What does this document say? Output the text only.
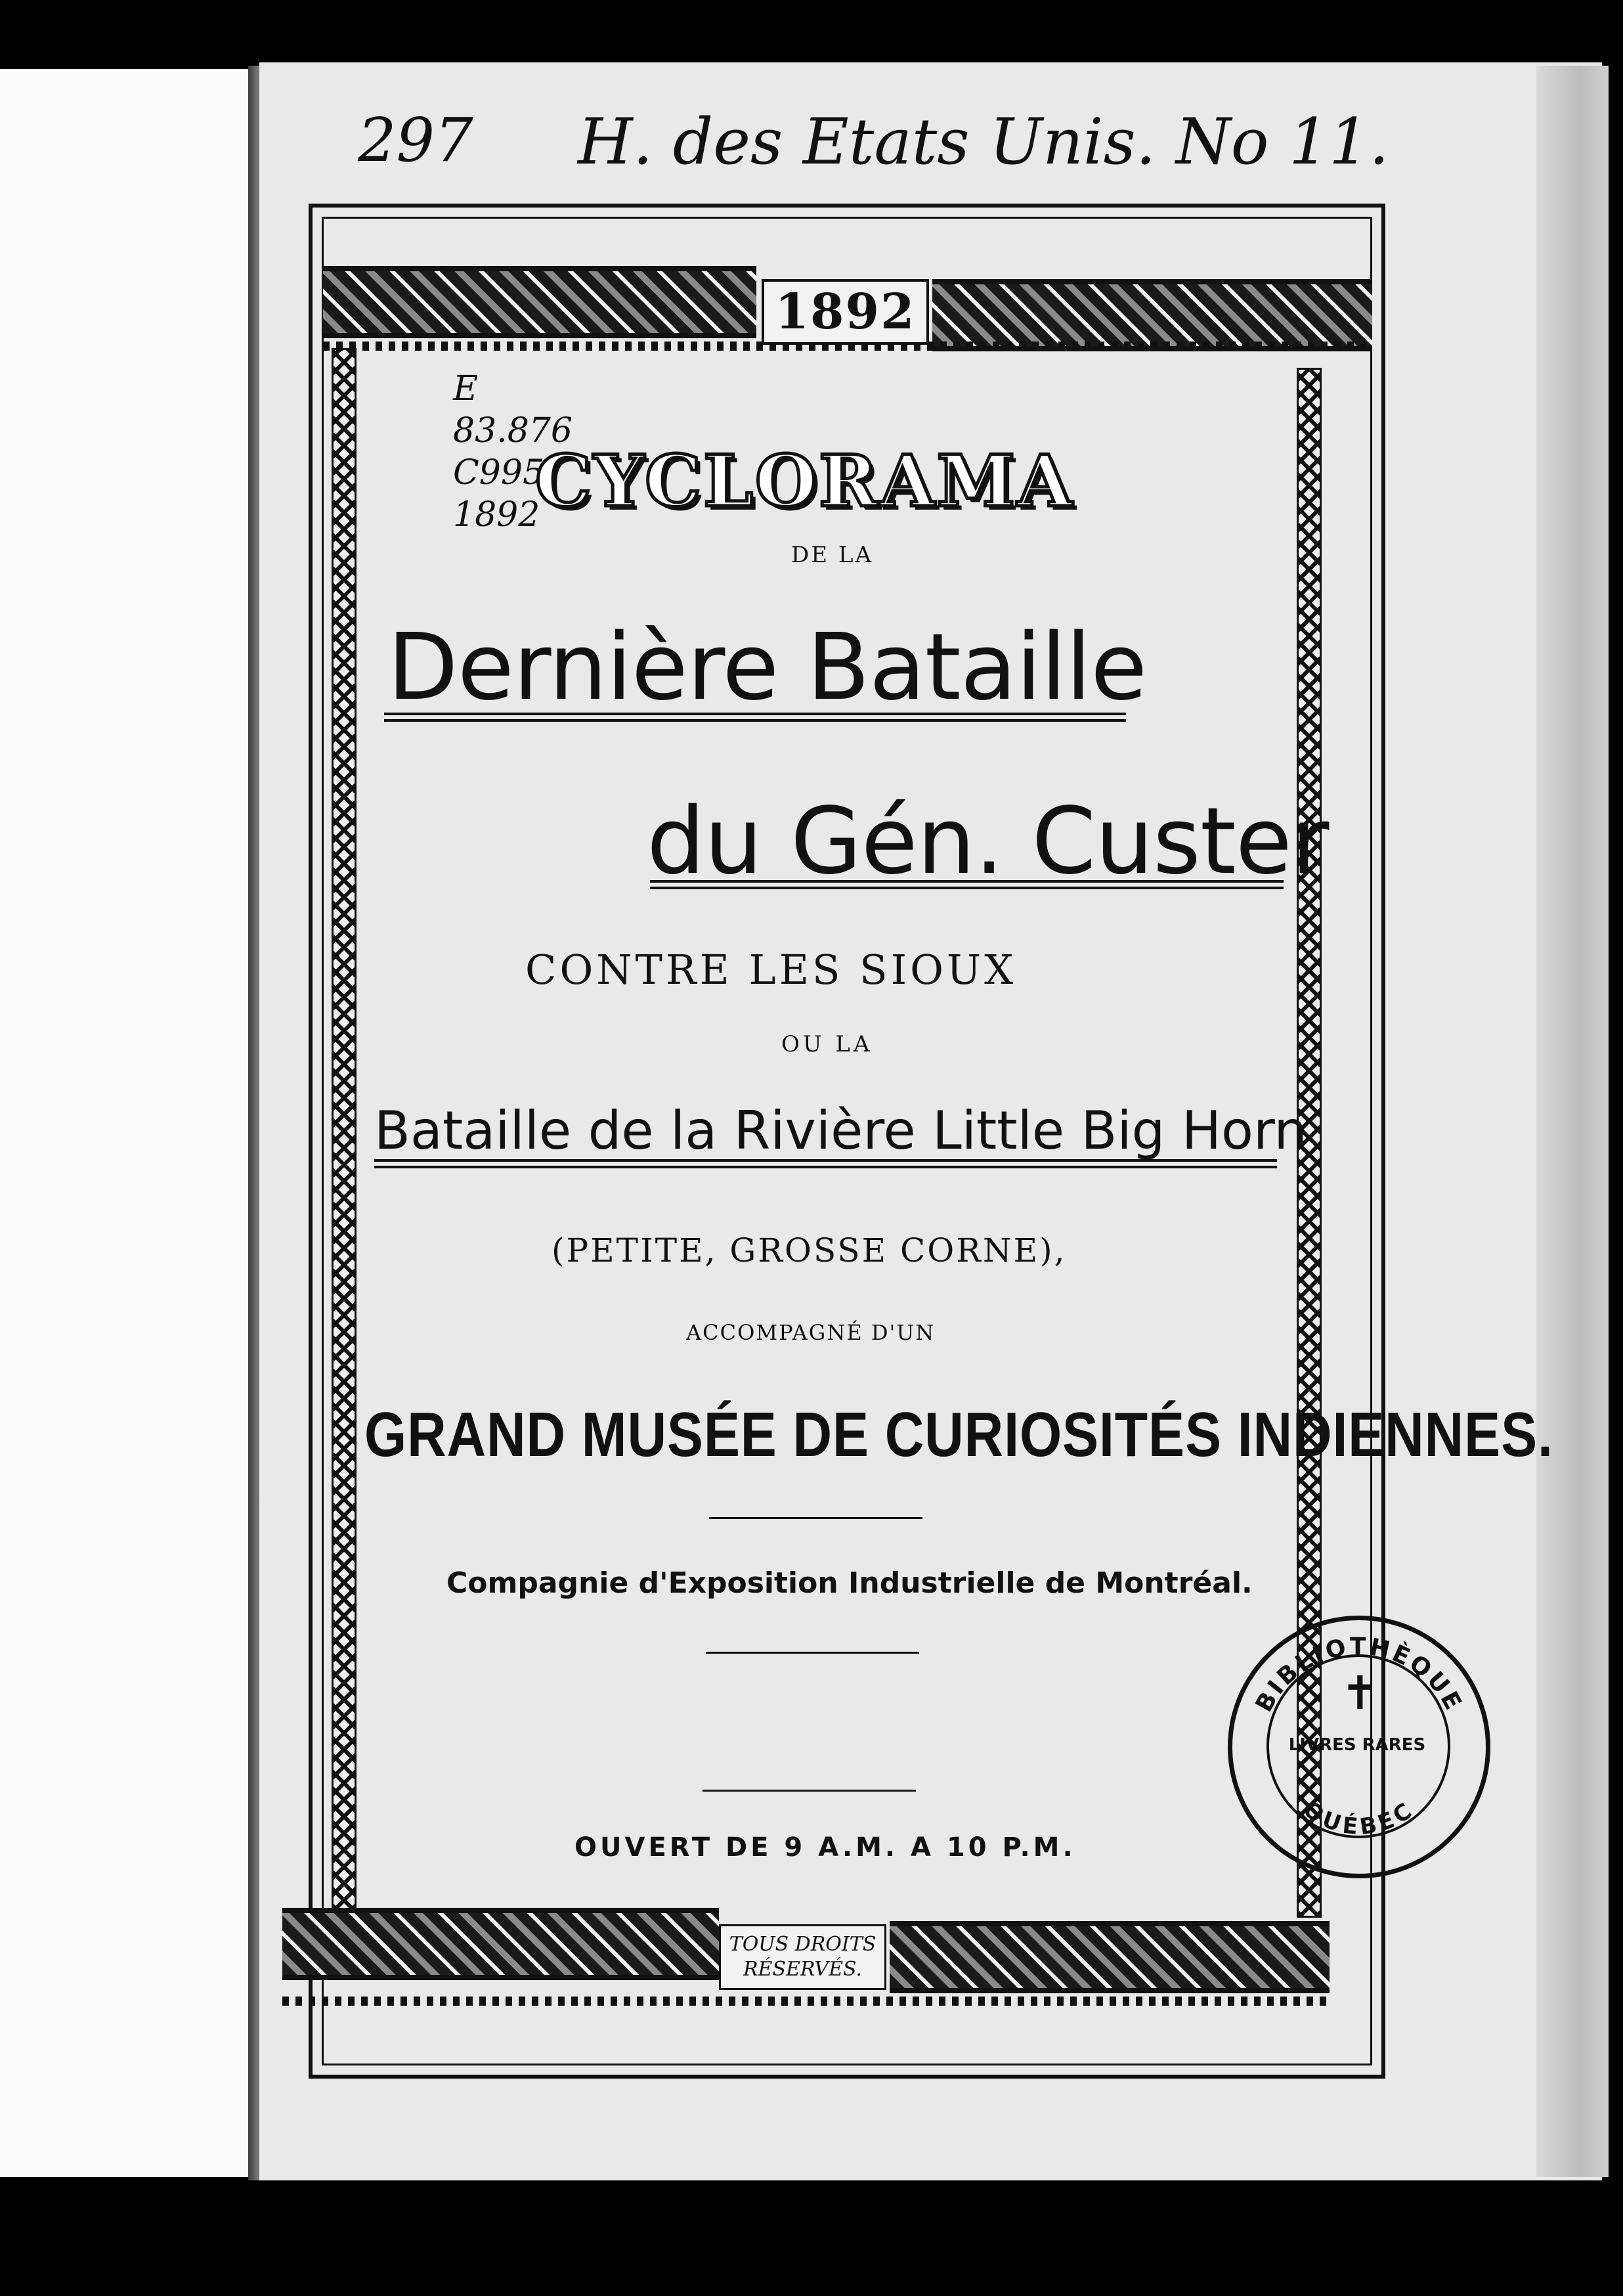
297 H. des Etats Unis. No 11.
E
83.876
C995
1892
1892
TOUS DROITS
RÉSERVÉS.
CYCLORAMA
DE LA
Dernière Bataille
du Gén. Custer
CONTRE LES SIOUX
OU LA
Bataille de la Rivière Little Big Horn
(PETITE, GROSSE CORNE),
ACCOMPAGNÉ D'UN
GRAND MUSÉE DE CURIOSITÉS INDIENNES.
Compagnie d'Exposition Industrielle de Montréal.
OUVERT DE 9 A.M. A 10 P.M.
BIBLIOTHÈQUE
QUÉBEC
✝
LIVRES RARES
